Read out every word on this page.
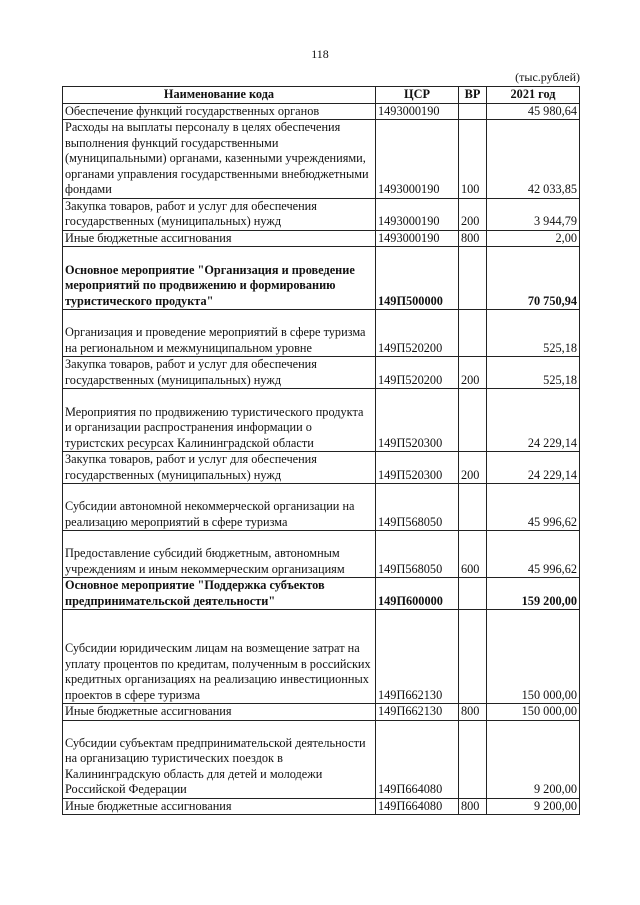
118
(тыс.рублей)
Наименование кода	ЦСР	ВР	2021 год
Обеспечение функций государственных органов	1493000190		45 980,64
Расходы на выплаты персоналу в целях обеспечения выполнения функций государственными (муниципальными) органами, казенными учреждениями, органами управления государственными внебюджетными фондами	1493000190	100	42 033,85
Закупка товаров, работ и услуг для обеспечения государственных (муниципальных) нужд	1493000190	200	3 944,79
Иные бюджетные ассигнования	1493000190	800	2,00
Основное мероприятие "Организация и проведение мероприятий по продвижению и формированию туристического продукта"	149П500000		70 750,94
Организация и проведение мероприятий в сфере туризма на региональном и межмуниципальном уровне	149П520200		525,18
Закупка товаров, работ и услуг для обеспечения государственных (муниципальных) нужд	149П520200	200	525,18
Мероприятия по продвижению туристического продукта и организации распространения информации о туристских ресурсах Калининградской области	149П520300		24 229,14
Закупка товаров, работ и услуг для обеспечения государственных (муниципальных) нужд	149П520300	200	24 229,14
Субсидии автономной некоммерческой организации на реализацию мероприятий в сфере туризма	149П568050		45 996,62
Предоставление субсидий бюджетным, автономным учреждениям и иным некоммерческим организациям	149П568050	600	45 996,62
Основное мероприятие "Поддержка субъектов предпринимательской деятельности"	149П600000		159 200,00
Субсидии юридическим лицам на возмещение затрат на уплату процентов по кредитам, полученным в российских кредитных организациях на реализацию инвестиционных проектов в сфере туризма	149П662130		150 000,00
Иные бюджетные ассигнования	149П662130	800	150 000,00
Субсидии субъектам предпринимательской деятельности на организацию туристических поездок в Калининградскую область для детей и молодежи Российской Федерации	149П664080		9 200,00
Иные бюджетные ассигнования	149П664080	800	9 200,00
